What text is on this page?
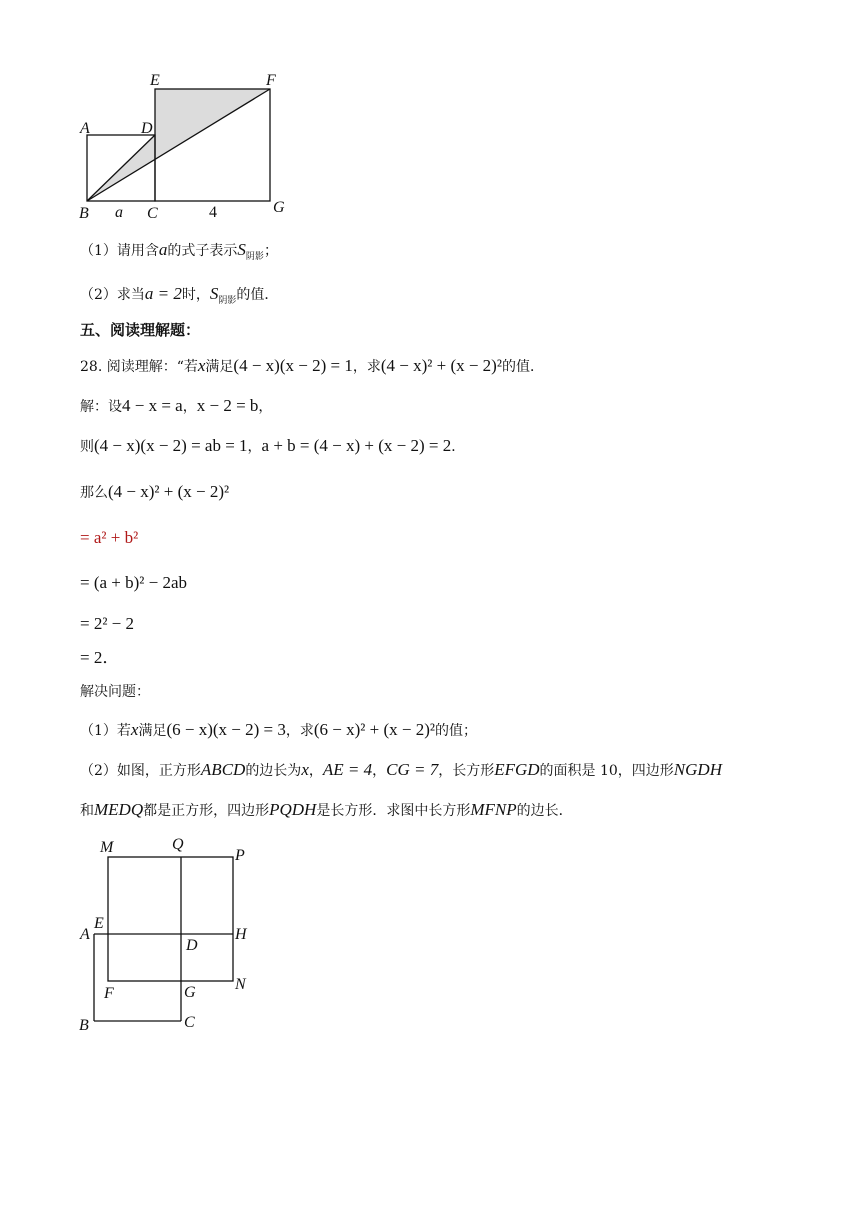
A
B	C
D
E	F
G
a	4
（1）请用含a的式子表示$S_{阴影}$；
（2）求当a = 2时，$S_{阴影}$的值．
五、阅读理解题：
28. 阅读理解：“若x满足(4 − x)(x − 2) = 1，求(4 − x)² + (x − 2)²的值．
解：设4 − x = a，x − 2 = b，
则(4 − x)(x − 2) = ab = 1，a + b = (4 − x) + (x − 2) = 2．
那么(4 − x)² + (x − 2)²
= a² + b²
= (a + b)² − 2ab
= 2² − 2
= 2．
解决问题：
（1）若x满足(6 − x)(x − 2) = 3，求(6 − x)² + (x − 2)²的值；
（2）如图，正方形ABCD的边长为x，AE = 4，CG = 7，长方形EFGD的面积是 10，四边形NGDH
和MEDQ都是正方形，四边形PQDH是长方形．求图中长方形MFNP的边长．
M	Q
P
A
E
D
H
F	G N
B	C
